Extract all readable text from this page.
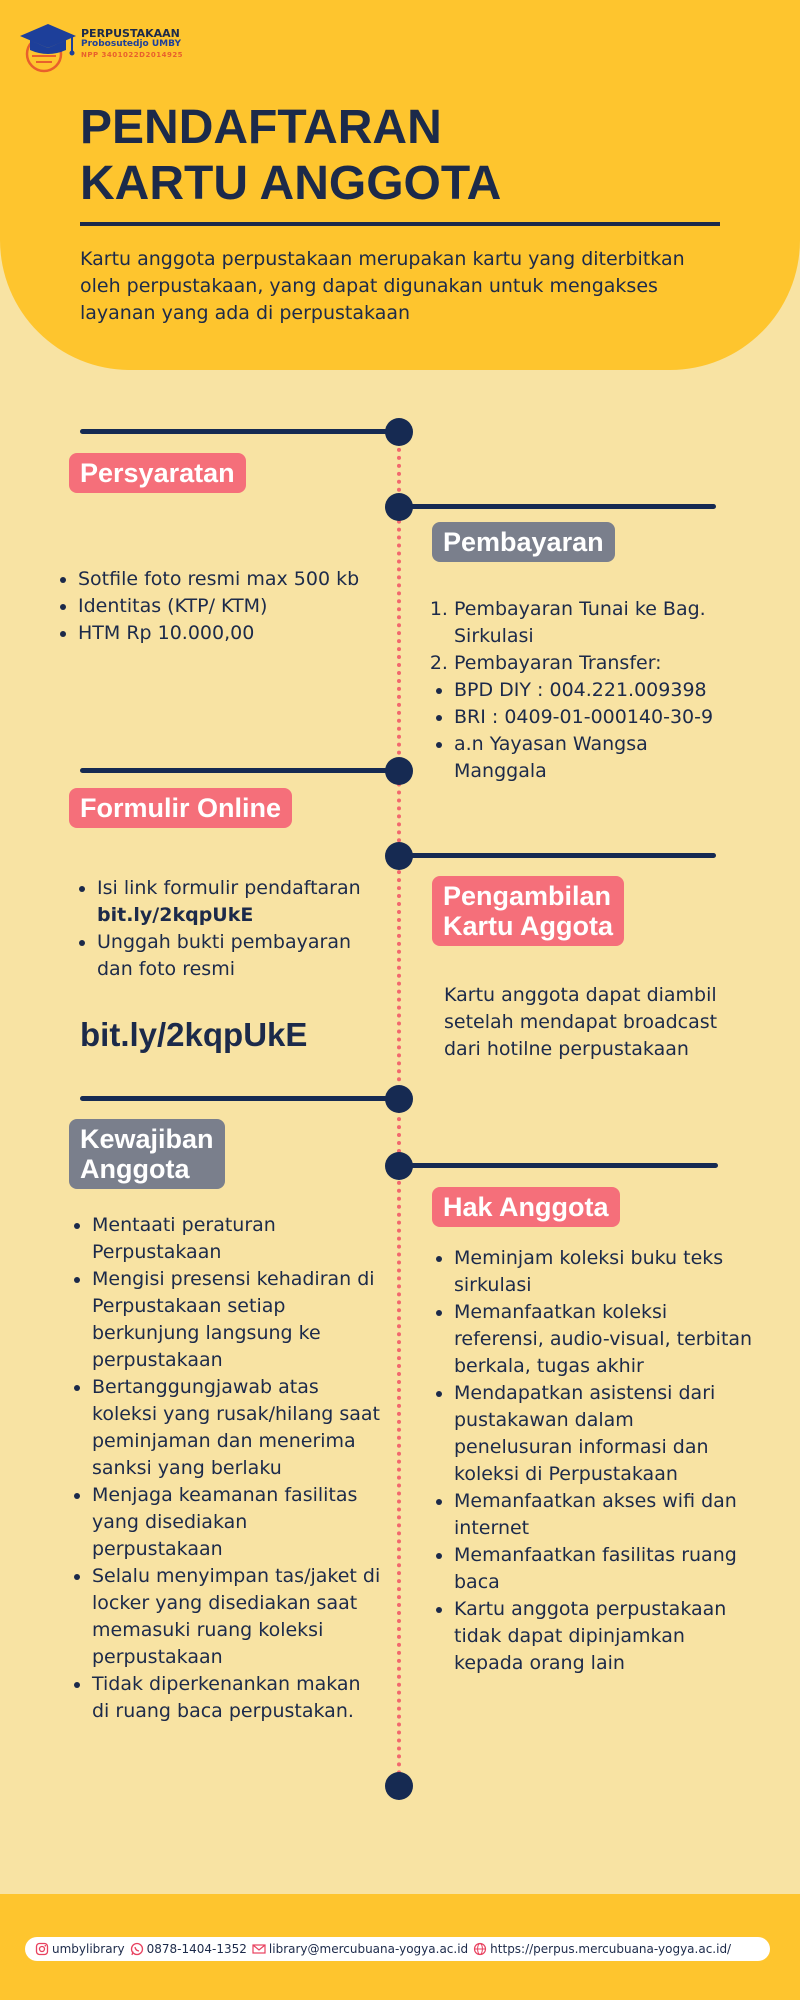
PERPUSTAKAAN
Probosutedjo UMBY
NPP 3401022D2014925
PENDAFTARAN
KARTU ANGGOTA

Kartu anggota perpustakaan merupakan kartu yang diterbitkan oleh perpustakaan, yang dapat digunakan untuk mengakses layanan yang ada di perpustakaan

Persyaratan
• Sotfile foto resmi max 500 kb
• Identitas (KTP/ KTM)
• HTM Rp 10.000,00
Pembayaran
1. Pembayaran Tunai ke Bag. Sirkulasi
2. Pembayaran Transfer:
• BPD DIY : 004.221.009398
• BRI : 0409-01-000140-30-9
• a.n Yayasan Wangsa Manggala
Formulir Online
• Isi link formulir pendaftaran
bit.ly/2kqpUkE
• Unggah bukti pembayaran dan foto resmi
bit.ly/2kqpUkE
Pengambilan
Kartu Aggota
Kartu anggota dapat diambil setelah mendapat broadcast dari hotilne perpustakaan
Kewajiban
Anggota
• Mentaati peraturan Perpustakaan
• Mengisi presensi kehadiran di Perpustakaan setiap berkunjung langsung ke perpustakaan
• Bertanggungjawab atas koleksi yang rusak/hilang saat peminjaman dan menerima sanksi yang berlaku
• Menjaga keamanan fasilitas yang disediakan perpustakaan
• Selalu menyimpan tas/jaket di locker yang disediakan saat memasuki ruang koleksi perpustakaan
• Tidak diperkenankan makan di ruang baca perpustakan.
Hak Anggota
• Meminjam koleksi buku teks sirkulasi
• Memanfaatkan koleksi referensi, audio-visual, terbitan berkala, tugas akhir
• Mendapatkan asistensi dari pustakawan dalam penelusuran informasi dan koleksi di Perpustakaan
• Memanfaatkan akses wifi dan internet
• Memanfaatkan fasilitas ruang baca
• Kartu anggota perpustakaan tidak dapat dipinjamkan kepada orang lain
umbylibrary 0878-1404-1352 library@mercubuana-yogya.ac.id https://perpus.mercubuana-yogya.ac.id/
